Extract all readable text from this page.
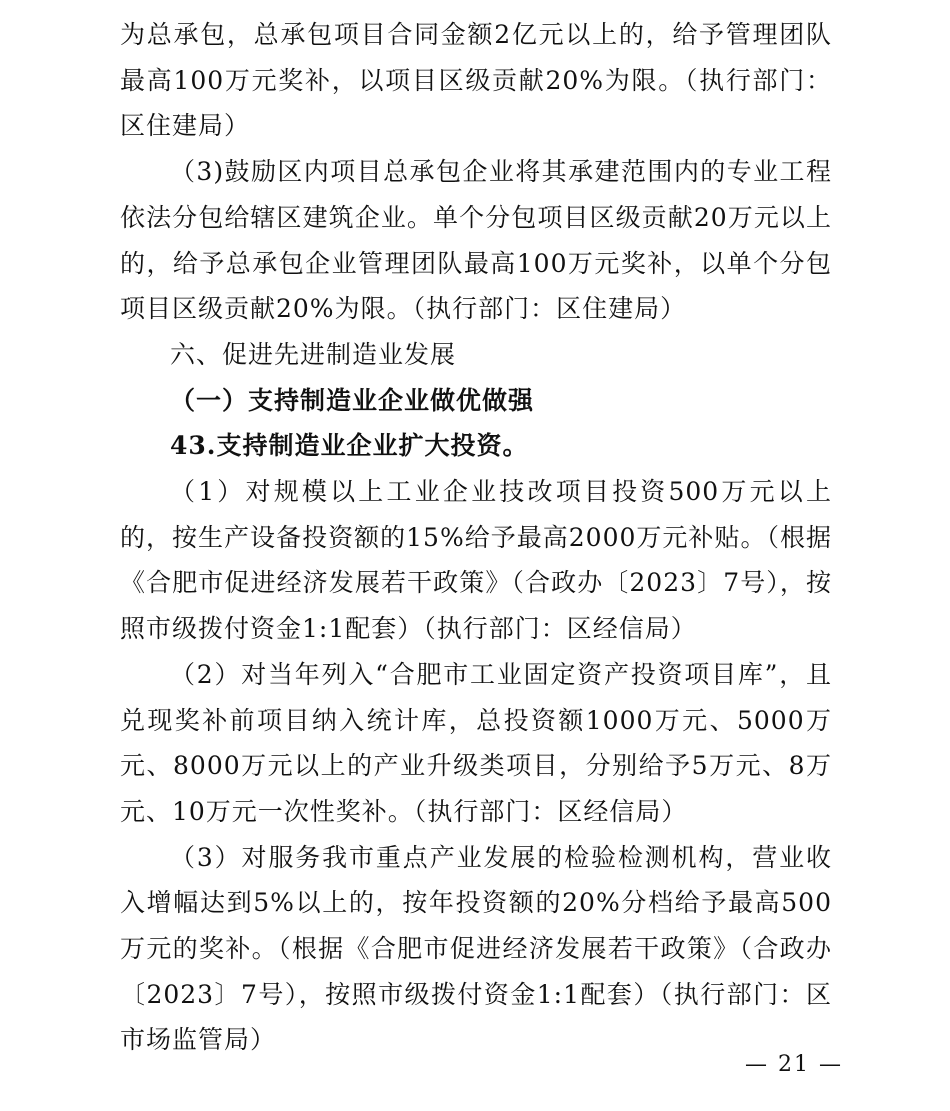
为总承包，总承包项目合同金额2亿元以上的，给予管理团队最高100万元奖补，以项目区级贡献20%为限。（执行部门：区住建局）

（3)鼓励区内项目总承包企业将其承建范围内的专业工程依法分包给辖区建筑企业。单个分包项目区级贡献20万元以上的，给予总承包企业管理团队最高100万元奖补，以单个分包项目区级贡献20%为限。（执行部门：区住建局）

六、促进先进制造业发展

（一）支持制造业企业做优做强

43.支持制造业企业扩大投资。

（1）对规模以上工业企业技改项目投资500万元以上的，按生产设备投资额的15%给予最高2000万元补贴。（根据《合肥市促进经济发展若干政策》（合政办〔2023〕7号），按照市级拨付资金1:1配套）（执行部门：区经信局）

（2）对当年列入“合肥市工业固定资产投资项目库”，且兑现奖补前项目纳入统计库，总投资额1000万元、5000万元、8000万元以上的产业升级类项目，分别给予5万元、8万元、10万元一次性奖补。（执行部门：区经信局）

（3）对服务我市重点产业发展的检验检测机构，营业收入增幅达到5%以上的，按年投资额的20%分档给予最高500万元的奖补。（根据《合肥市促进经济发展若干政策》（合政办〔2023〕7号），按照市级拨付资金1:1配套）（执行部门：区市场监管局）

— 21 —
